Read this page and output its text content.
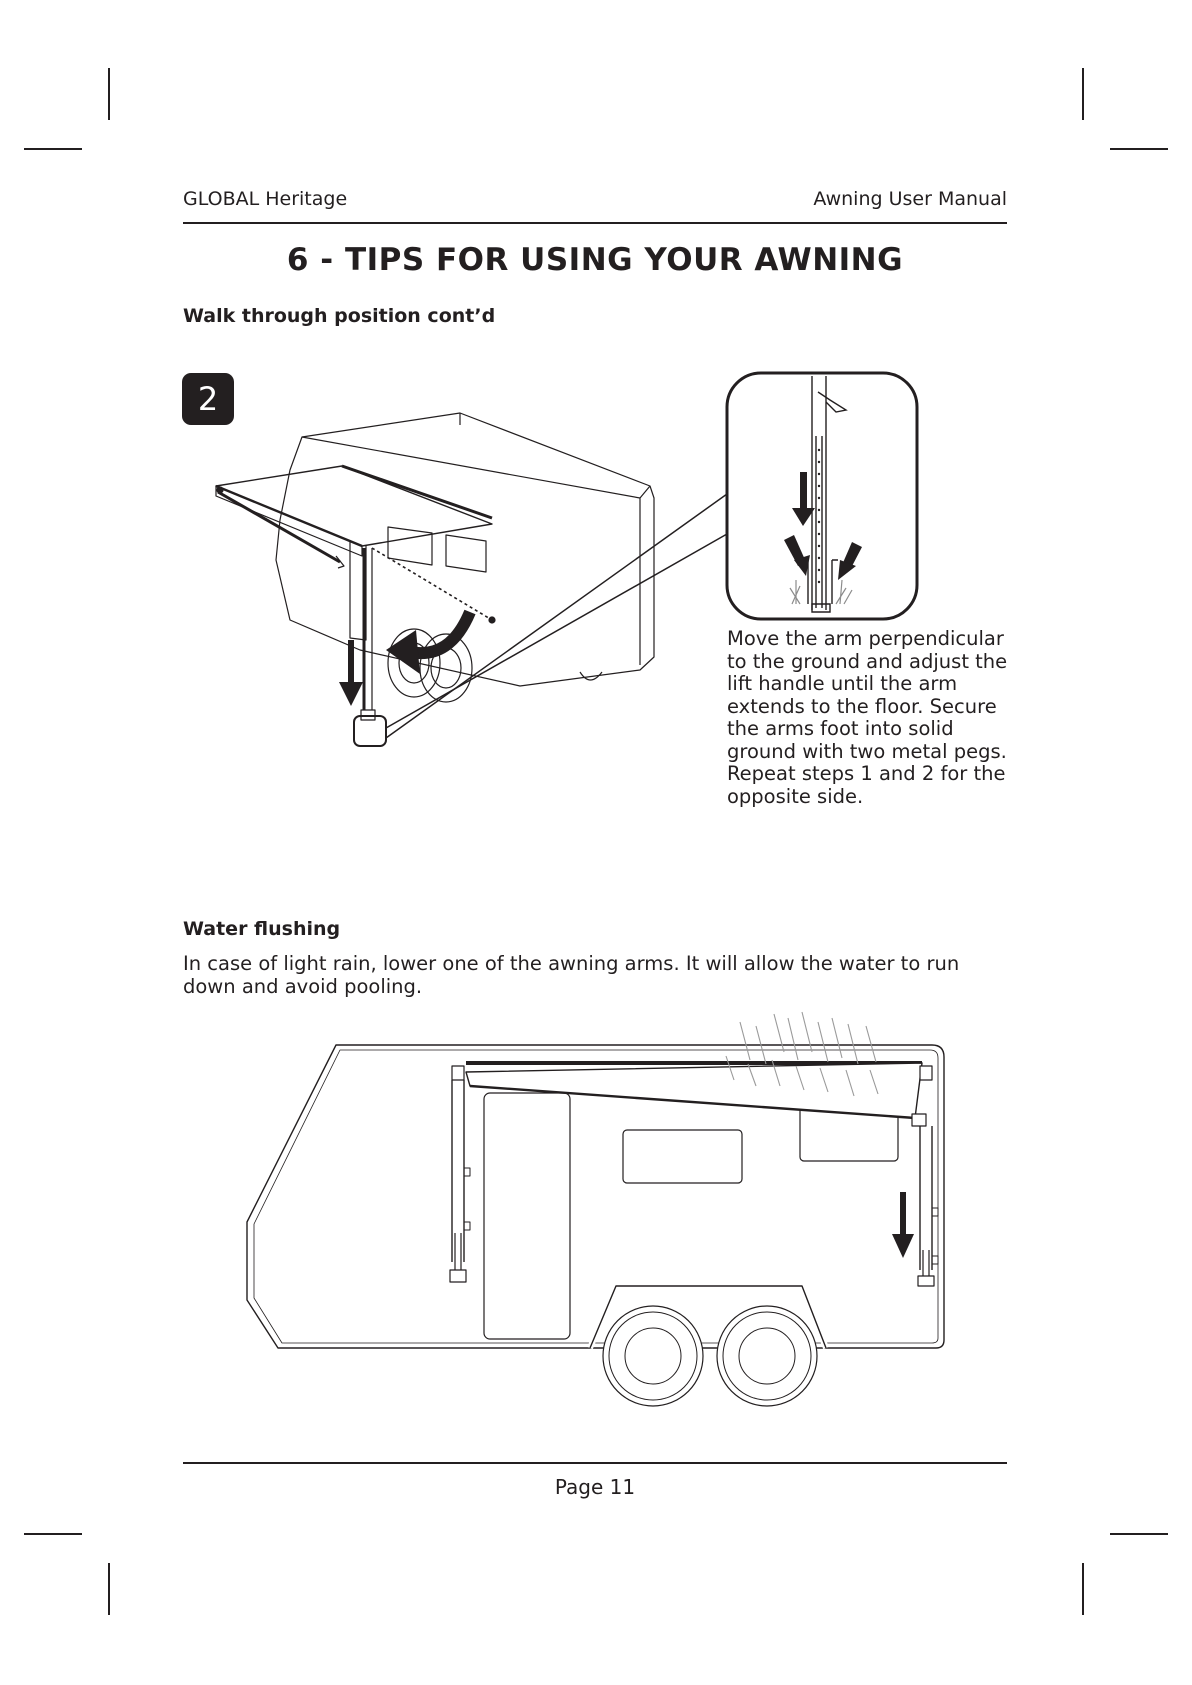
GLOBAL Heritage	Awning User Manual
6 - TIPS FOR USING YOUR AWNING
Walk through position cont’d
2
Move the arm perpendicular to the ground and adjust the lift handle until the arm extends to the floor. Secure the arms foot into solid ground with two metal pegs. Repeat steps 1 and 2 for the opposite side.
Water flushing
In case of light rain, lower one of the awning arms. It will allow the water to run down and avoid pooling.
Page 11
